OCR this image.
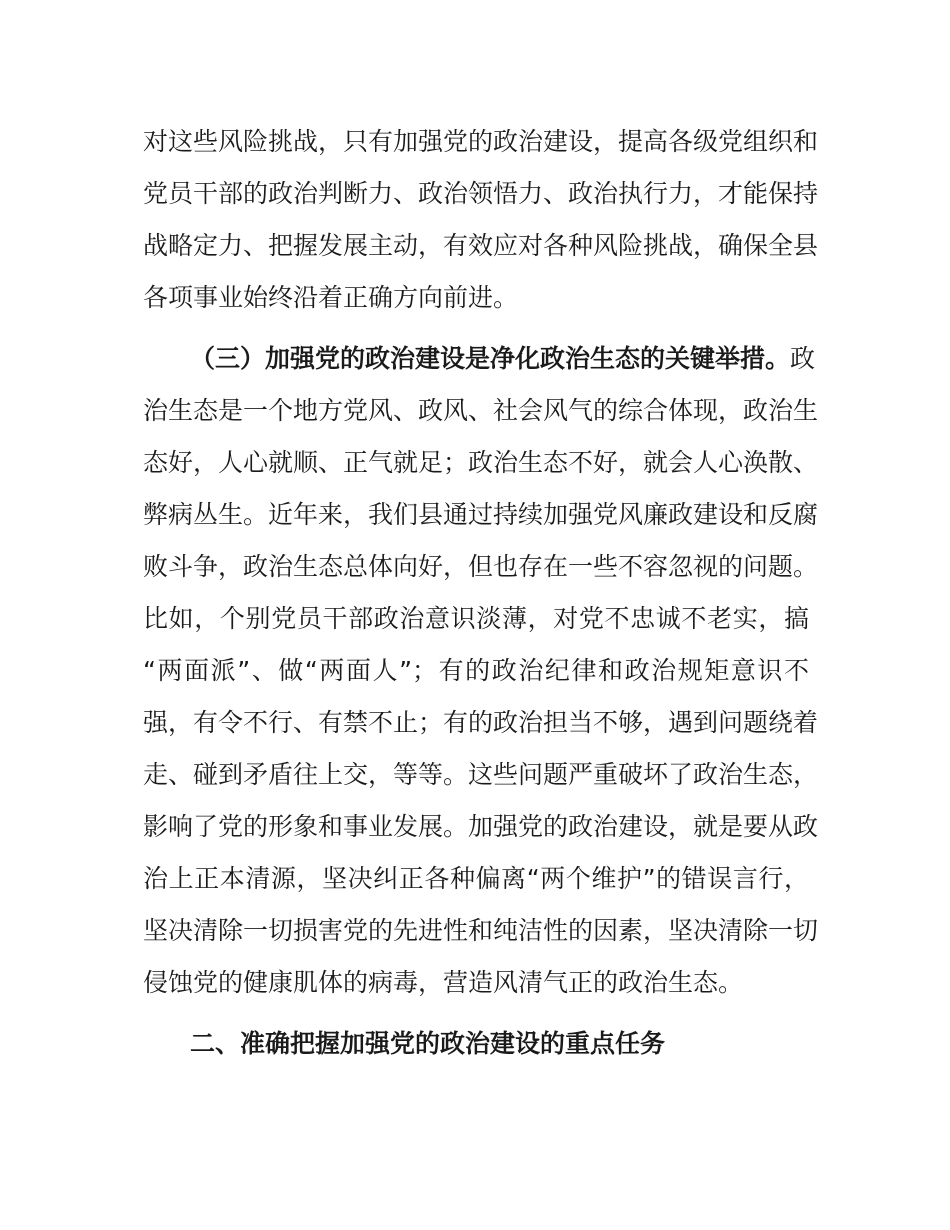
对这些风险挑战，只有加强党的政治建设，提高各级党组织和
党员干部的政治判断力、政治领悟力、政治执行力，才能保持
战略定力、把握发展主动，有效应对各种风险挑战，确保全县
各项事业始终沿着正确方向前进。
（三）加强党的政治建设是净化政治生态的关键举措。政
治生态是一个地方党风、政风、社会风气的综合体现，政治生
态好，人心就顺、正气就足；政治生态不好，就会人心涣散、
弊病丛生。近年来，我们县通过持续加强党风廉政建设和反腐
败斗争，政治生态总体向好，但也存在一些不容忽视的问题。
比如，个别党员干部政治意识淡薄，对党不忠诚不老实，搞
“两面派”、做“两面人”；有的政治纪律和政治规矩意识不
强，有令不行、有禁不止；有的政治担当不够，遇到问题绕着
走、碰到矛盾往上交，等等。这些问题严重破坏了政治生态，
影响了党的形象和事业发展。加强党的政治建设，就是要从政
治上正本清源，坚决纠正各种偏离“两个维护”的错误言行，
坚决清除一切损害党的先进性和纯洁性的因素，坚决清除一切
侵蚀党的健康肌体的病毒，营造风清气正的政治生态。
二、准确把握加强党的政治建设的重点任务
